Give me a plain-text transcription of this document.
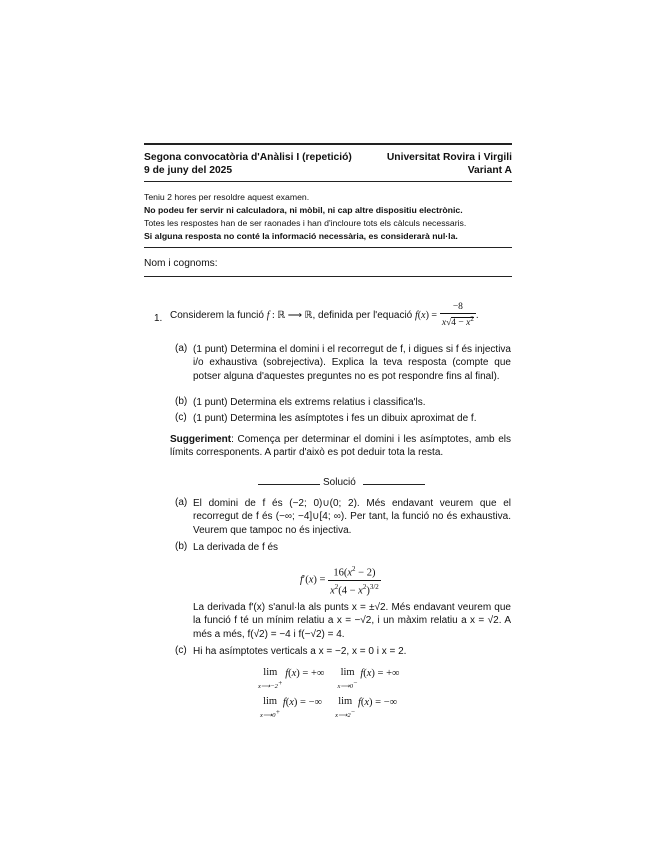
Segona convocatòria d'Anàlisi I (repetició)
9 de juny del 2025
Universitat Rovira i Virgili
Variant A
Teniu 2 hores per resoldre aquest examen.
No podeu fer servir ni calculadora, ni mòbil, ni cap altre dispositiu electrònic.
Totes les respostes han de ser raonades i han d'incloure tots els càlculs necessaris.
Si alguna resposta no conté la informació necessària, es considerarà nul·la.
Nom i cognoms:
1. Considerem la funció f : ℝ ⟶ ℝ, definida per l'equació $f(x) = \frac{-8}{x√4 - x^2}$ .
(a) (1 punt) Determina el domini i el recorregut de f, i digues si f és injectiva i/o exhaustiva (sobrejectiva). Explica la teva resposta (compte que potser alguna d'aquestes preguntes no es pot respondre fins al final).
(b) (1 punt) Determina els extrems relatius i classifica'ls.
(c) (1 punt) Determina les asímptotes i fes un dibuix aproximat de f.
Suggeriment: Comença per determinar el domini i les asímptotes, amb els límits corresponents. A partir d'això es pot deduir tota la resta.
Solució
(a) El domini de f és (−2; 0)∪(0; 2). Més endavant veurem que el recorregut de f és (−∞; −4]∪[4; ∞). Per tant, la funció no és exhaustiva. Veurem que tampoc no és injectiva.
(b) La derivada de f és
$f'(x) = \frac{16(x^2 - 2)}{x^2(4 - x^2)^{3/2}}$
La derivada f′(x) s'anul·la als punts x = ±√2. Més endavant veurem que la funció f té un mínim relatiu a x = −√2, i un màxim relatiu a x = √2. A més a més, f(√2) = −4 i f(−√2) = 4.
(c) Hi ha asímptotes verticals a x = −2, x = 0 i x = 2.
lim
x⟶−2+
f(x) = +∞     lim
x⟶0−
f(x) = +∞
lim
x⟶0+
f(x) = −∞     lim
x⟶2−
f(x) = −∞
